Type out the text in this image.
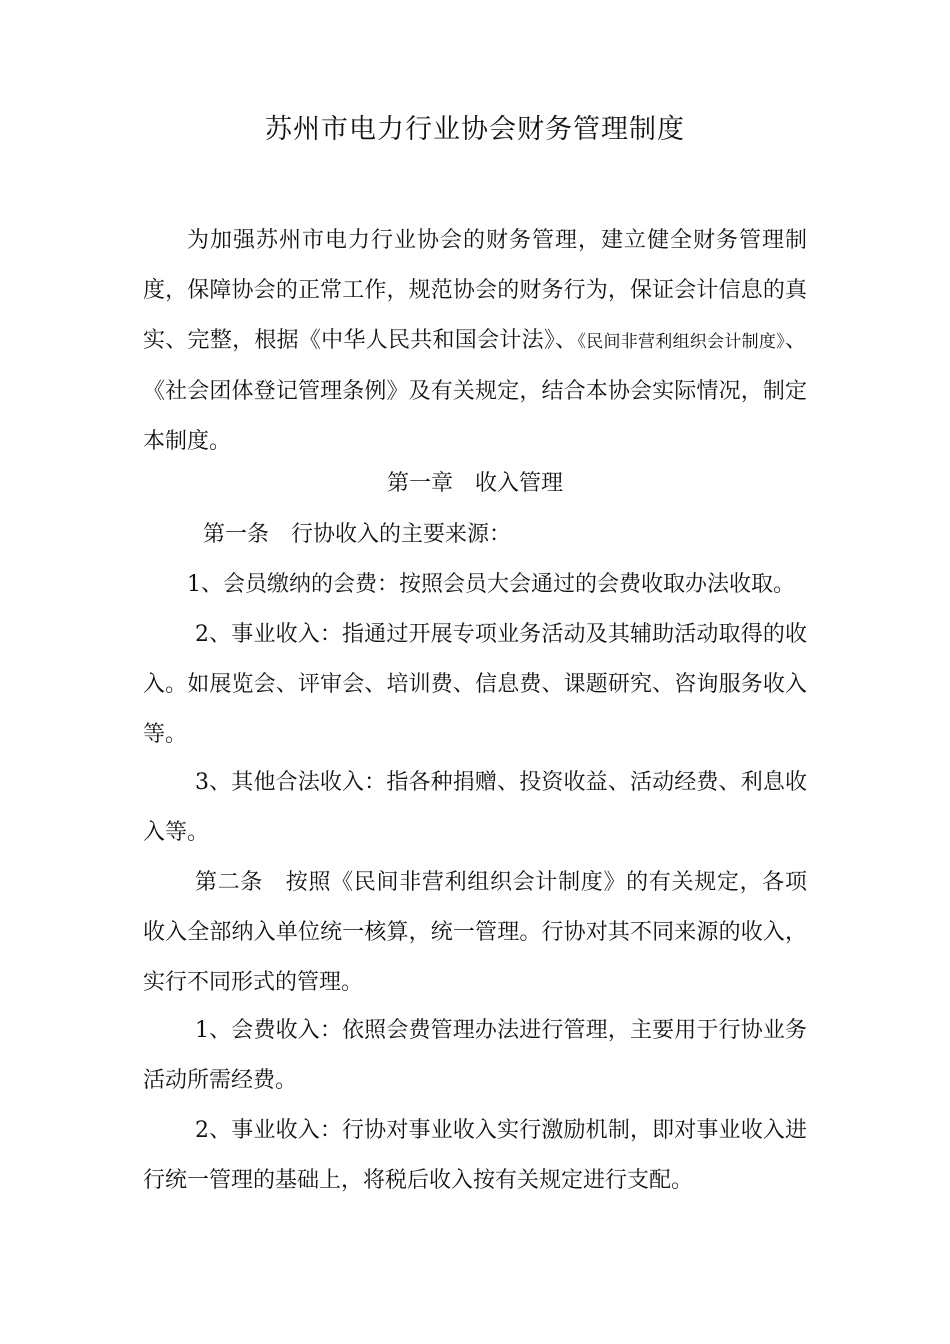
苏州市电力行业协会财务管理制度
为加强苏州市电力行业协会的财务管理，建立健全财务管理制度，保障协会的正常工作，规范协会的财务行为，保证会计信息的真实、完整，根据《中华人民共和国会计法》、《民间非营利组织会计制度》、《社会团体登记管理条例》及有关规定，结合本协会实际情况，制定本制度。
第一章　收入管理
第一条　行协收入的主要来源：
1、会员缴纳的会费：按照会员大会通过的会费收取办法收取。
2、事业收入：指通过开展专项业务活动及其辅助活动取得的收入。如展览会、评审会、培训费、信息费、课题研究、咨询服务收入等。
3、其他合法收入：指各种捐赠、投资收益、活动经费、利息收入等。
第二条　按照《民间非营利组织会计制度》的有关规定，各项收入全部纳入单位统一核算，统一管理。行协对其不同来源的收入，实行不同形式的管理。
1、会费收入：依照会费管理办法进行管理，主要用于行协业务活动所需经费。
2、事业收入：行协对事业收入实行激励机制，即对事业收入进行统一管理的基础上，将税后收入按有关规定进行支配。
